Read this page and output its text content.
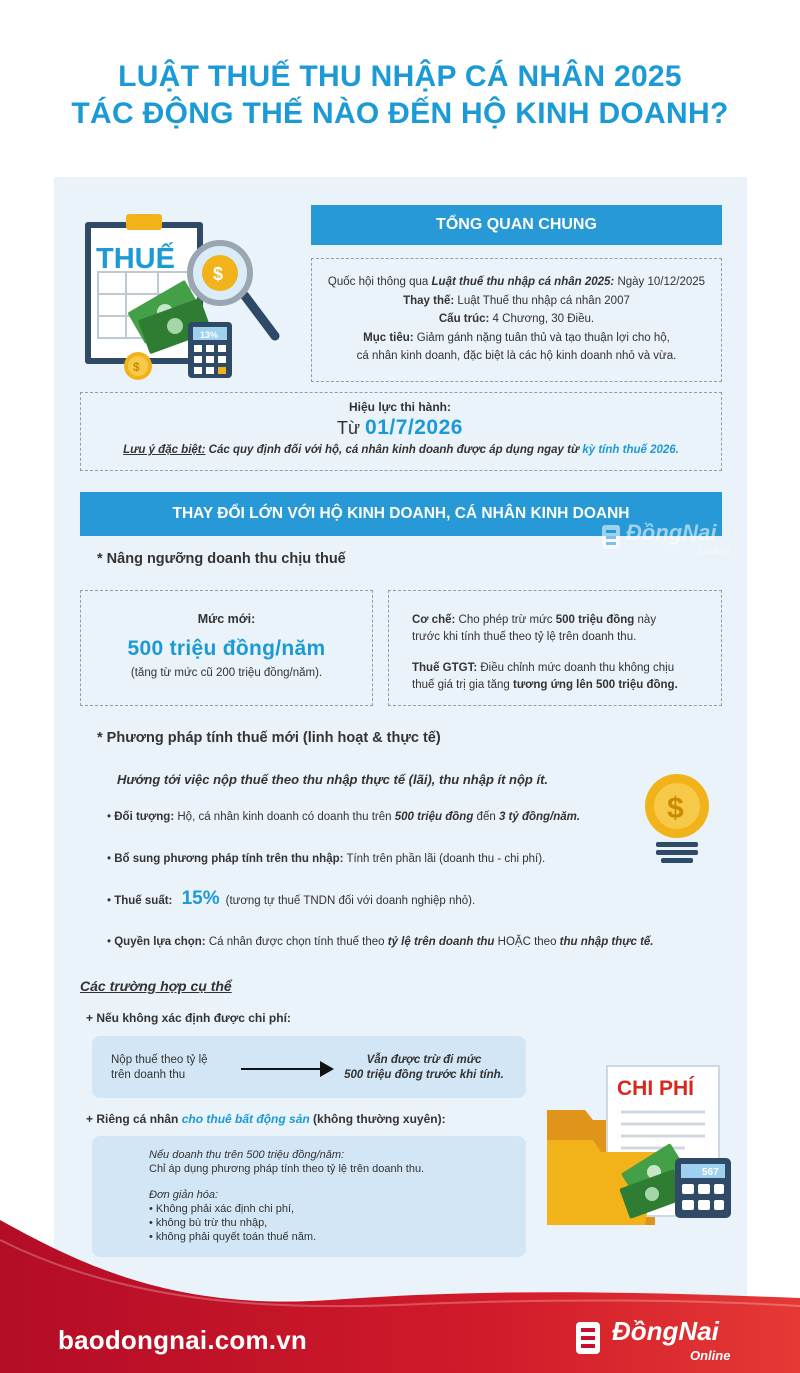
LUẬT THUẾ THU NHẬP CÁ NHÂN 2025
TÁC ĐỘNG THẾ NÀO ĐẾN HỘ KINH DOANH?
THUẾ $
13%
$
TỔNG QUAN CHUNG

Quốc hội thông qua Luật thuế thu nhập cá nhân 2025: Ngày 10/12/2025

Thay thế: Luật Thuế thu nhập cá nhân 2007

Cấu trúc: 4 Chương, 30 Điều.

Mục tiêu: Giảm gánh nặng tuân thủ và tạo thuận lợi cho hộ,

cá nhân kinh doanh, đặc biệt là các hộ kinh doanh nhỏ và vừa.

Hiệu lực thi hành:
Từ 01/7/2026
Lưu ý đặc biệt: Các quy định đối với hộ, cá nhân kinh doanh được áp dụng ngay từ kỳ tính thuế 2026.
THAY ĐỔI LỚN VỚI HỘ KINH DOANH, CÁ NHÂN KINH DOANH
ĐồngNai
Online
* Nâng ngưỡng doanh thu chịu thuế
Mức mới:
500 triệu đồng/năm
(tăng từ mức cũ 200 triệu đồng/năm).
Cơ chế: Cho phép trừ mức 500 triệu đồng này
trước khi tính thuế theo tỷ lệ trên doanh thu.
Thuế GTGT: Điều chỉnh mức doanh thu không chịu
thuế giá trị gia tăng tương ứng lên 500 triệu đồng.
* Phương pháp tính thuế mới (linh hoạt & thực tế)
Hướng tới việc nộp thuế theo thu nhập thực tế (lãi), thu nhập ít nộp ít.
• Đối tượng: Hộ, cá nhân kinh doanh có doanh thu trên 500 triệu đồng đến 3 tỷ đồng/năm.
• Bổ sung phương pháp tính trên thu nhập: Tính trên phần lãi (doanh thu - chi phí).
• Thuế suất: 15% (tương tự thuế TNDN đối với doanh nghiệp nhỏ).
• Quyền lựa chọn: Cá nhân được chọn tính thuế theo tỷ lệ trên doanh thu HOẶC theo thu nhập thực tế.
$
Các trường hợp cụ thể
+ Nếu không xác định được chi phí:
Nộp thuế theo tỷ lệ
trên doanh thu
Vẫn được trừ đi mức
500 triệu đồng trước khi tính.
+ Riêng cá nhân cho thuê bất động sản (không thường xuyên):
Nếu doanh thu trên 500 triệu đồng/năm:
Chỉ áp dụng phương pháp tính theo tỷ lệ trên doanh thu.
Đơn giản hóa:
• Không phải xác định chi phí,
• không bù trừ thu nhập,
• không phải quyết toán thuế năm.
CHI PHÍ
567
baodongnai.com.vn	ĐồngNai
Online
